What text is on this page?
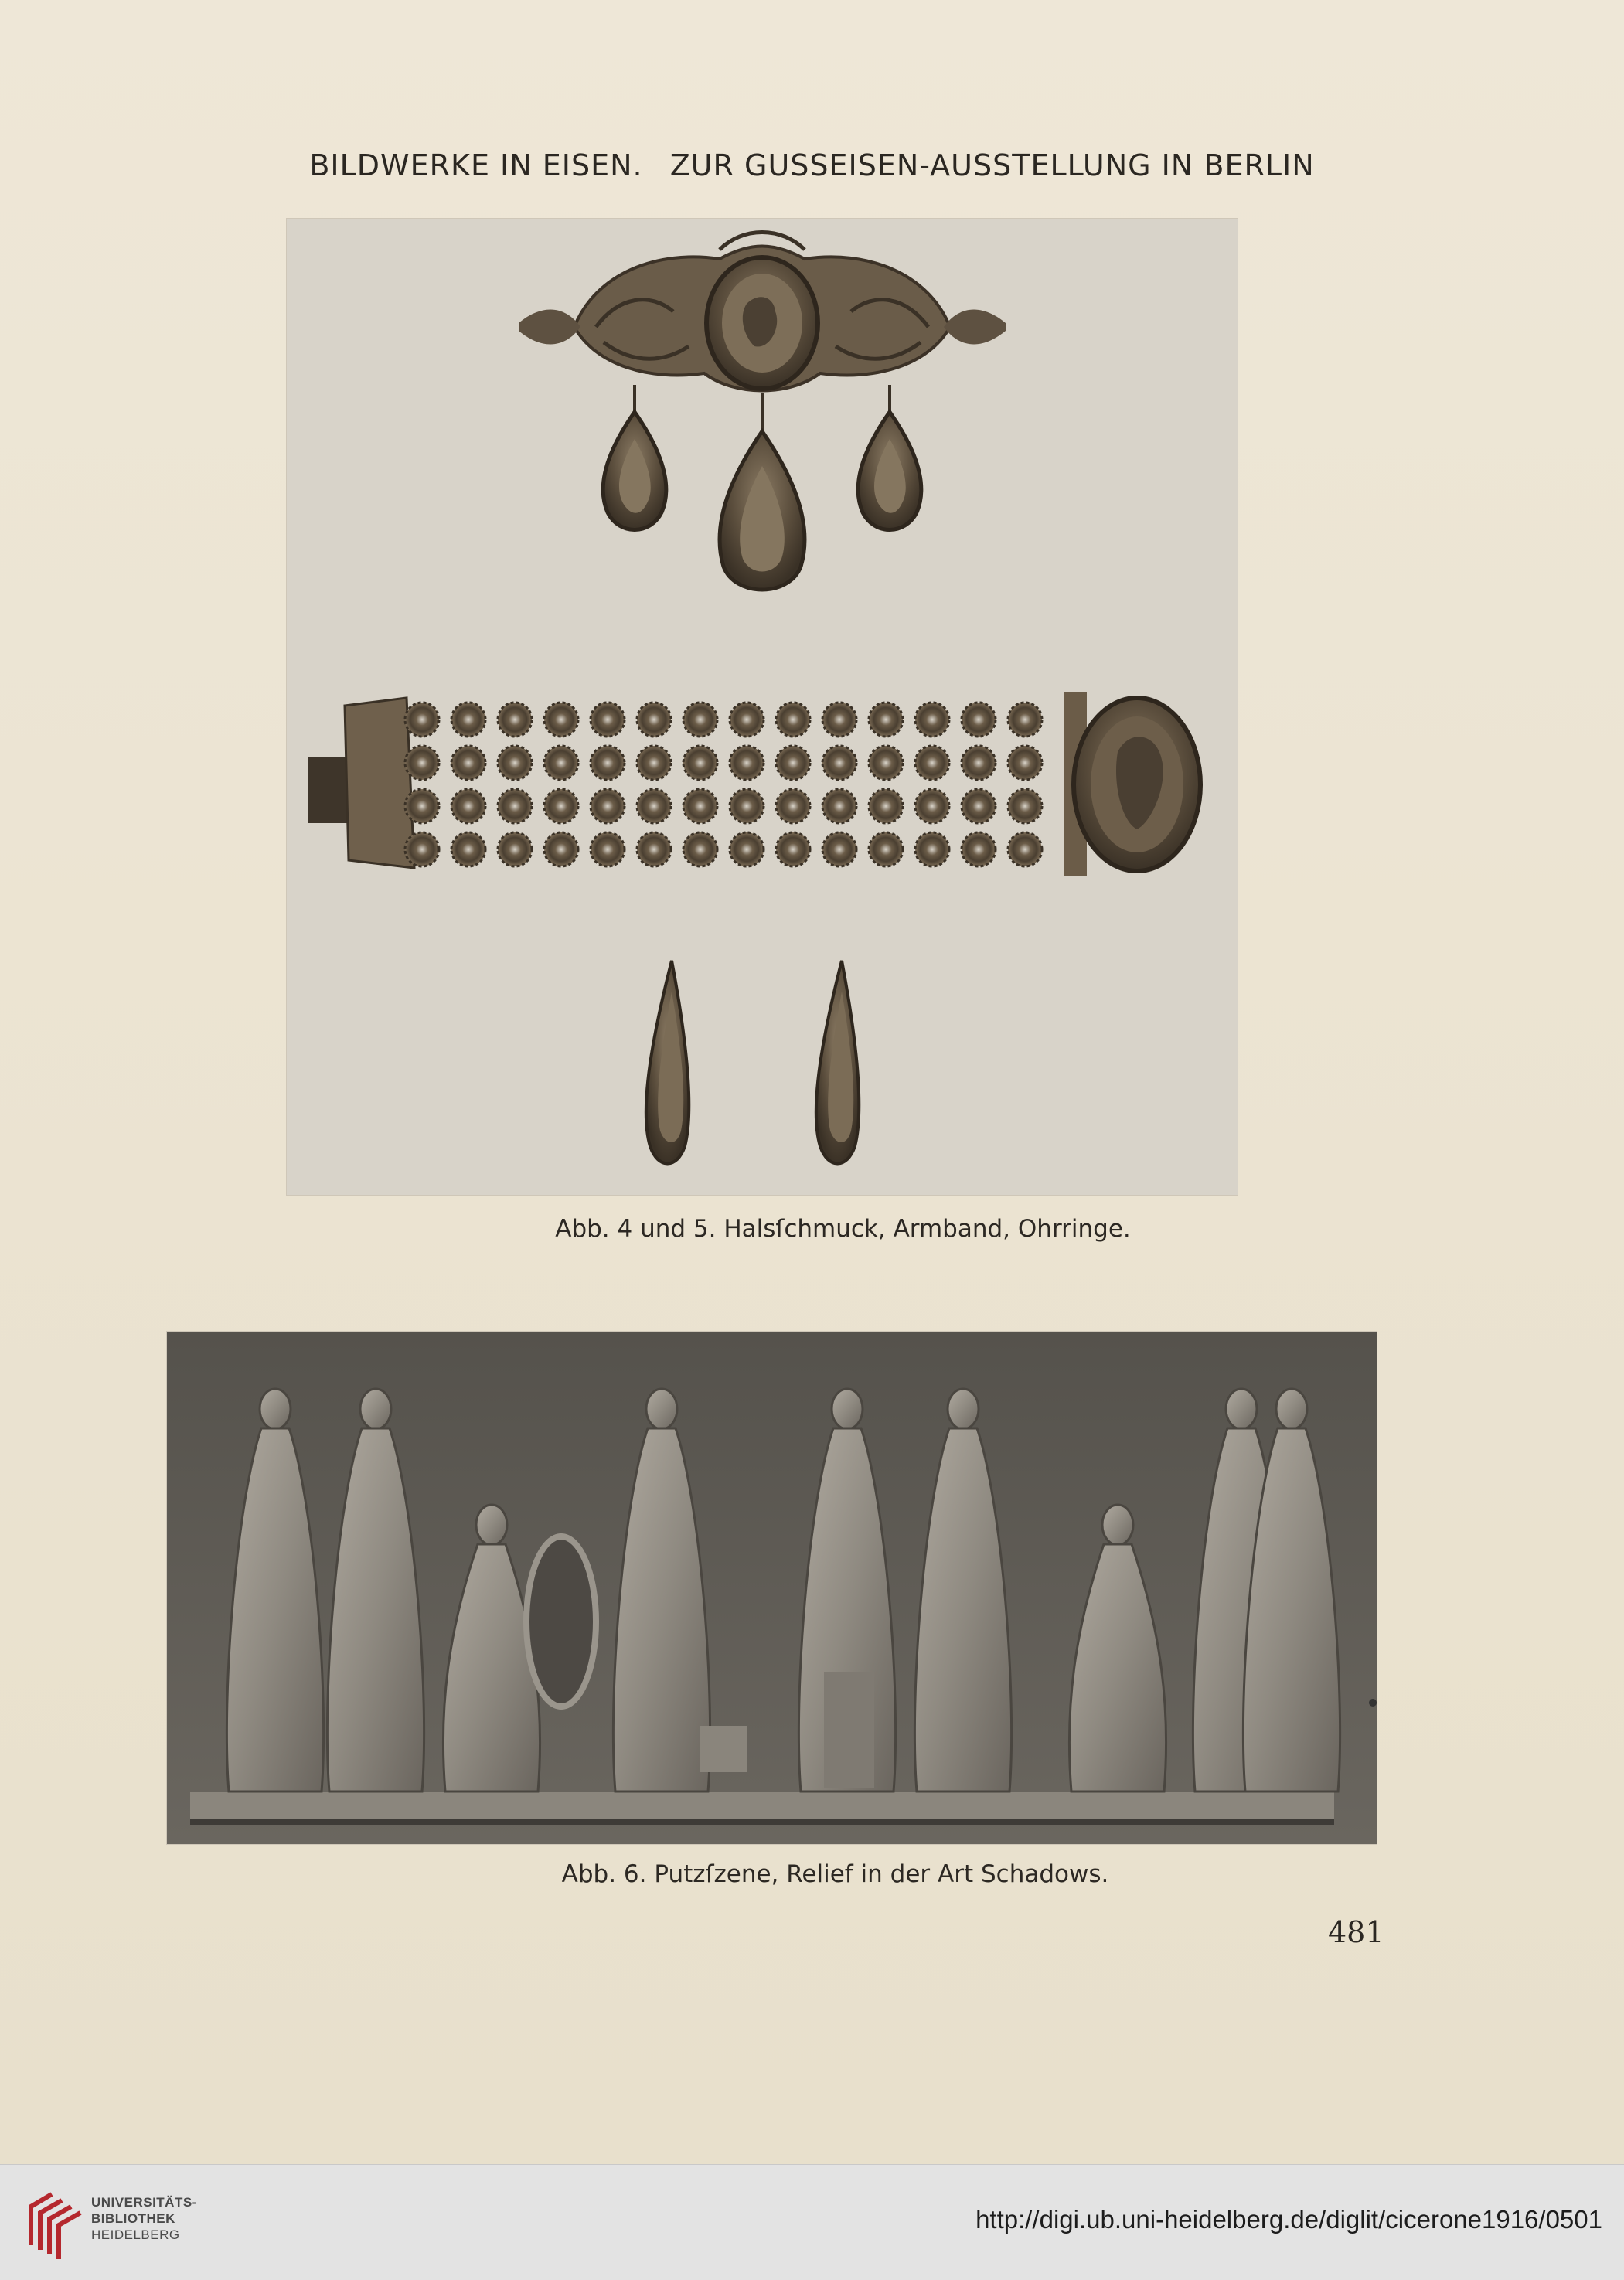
BILDWERKE IN EISEN. ZUR GUSSEISEN-AUSSTELLUNG IN BERLIN
Abb. 4 und 5. Halsſchmuck, Armband, Ohrringe.
Abb. 6. Putzſzene, Relief in der Art Schadows.
481
UNIVERSITÄTS-
BIBLIOTHEK
HEIDELBERG
http://digi.ub.uni-heidelberg.de/diglit/cicerone1916/0501
